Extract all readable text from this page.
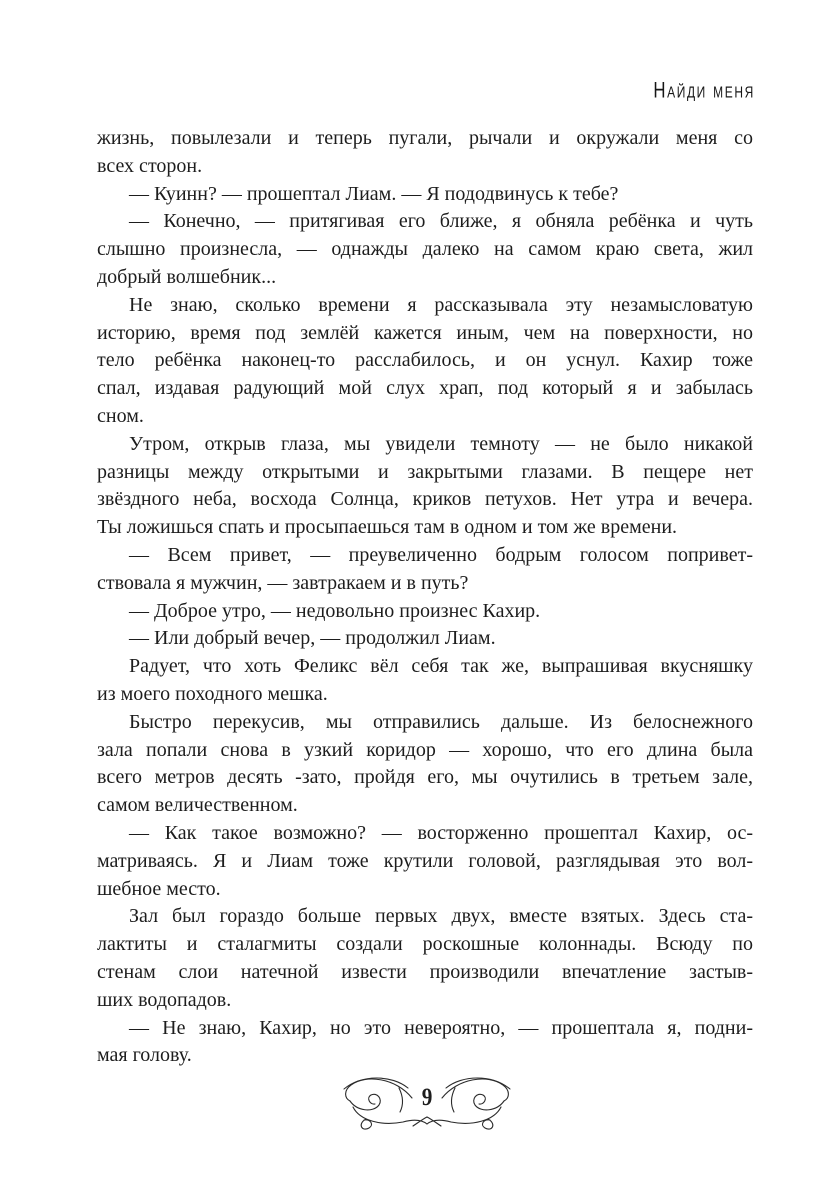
Найди меня

жизнь, повылезали и теперь пугали, рычали и окружали меня со
всех сторон.

— Куинн? — прошептал Лиам. — Я пододвинусь к тебе?

— Конечно, — притягивая его ближе, я обняла ребёнка и чуть
слышно произнесла, — однажды далеко на самом краю света, жил
добрый волшебник...

Не знаю, сколько времени я рассказывала эту незамысловатую
историю, время под землёй кажется иным, чем на поверхности, но
тело ребёнка наконец-то расслабилось, и он уснул. Кахир тоже
спал, издавая радующий мой слух храп, под который я и забылась
сном.

Утром, открыв глаза, мы увидели темноту — не было никакой
разницы между открытыми и закрытыми глазами. В пещере нет
звёздного неба, восхода Солнца, криков петухов. Нет утра и вечера.
Ты ложишься спать и просыпаешься там в одном и том же времени.

— Всем привет, — преувеличенно бодрым голосом попривет-
ствовала я мужчин, — завтракаем и в путь?

— Доброе утро, — недовольно произнес Кахир.

— Или добрый вечер, — продолжил Лиам.

Радует, что хоть Феликс вёл себя так же, выпрашивая вкусняшку
из моего походного мешка.

Быстро перекусив, мы отправились дальше. Из белоснежного
зала попали снова в узкий коридор — хорошо, что его длина была
всего метров десять -зато, пройдя его, мы очутились в третьем зале,
самом величественном.

— Как такое возможно? — восторженно прошептал Кахир, ос-
матриваясь. Я и Лиам тоже крутили головой, разглядывая это вол-
шебное место.

Зал был гораздо больше первых двух, вместе взятых. Здесь ста-
лактиты и сталагмиты создали роскошные колоннады. Всюду по
стенам слои натечной извести производили впечатление застыв-
ших водопадов.

— Не знаю, Кахир, но это невероятно, — прошептала я, подни-
мая голову.

9
